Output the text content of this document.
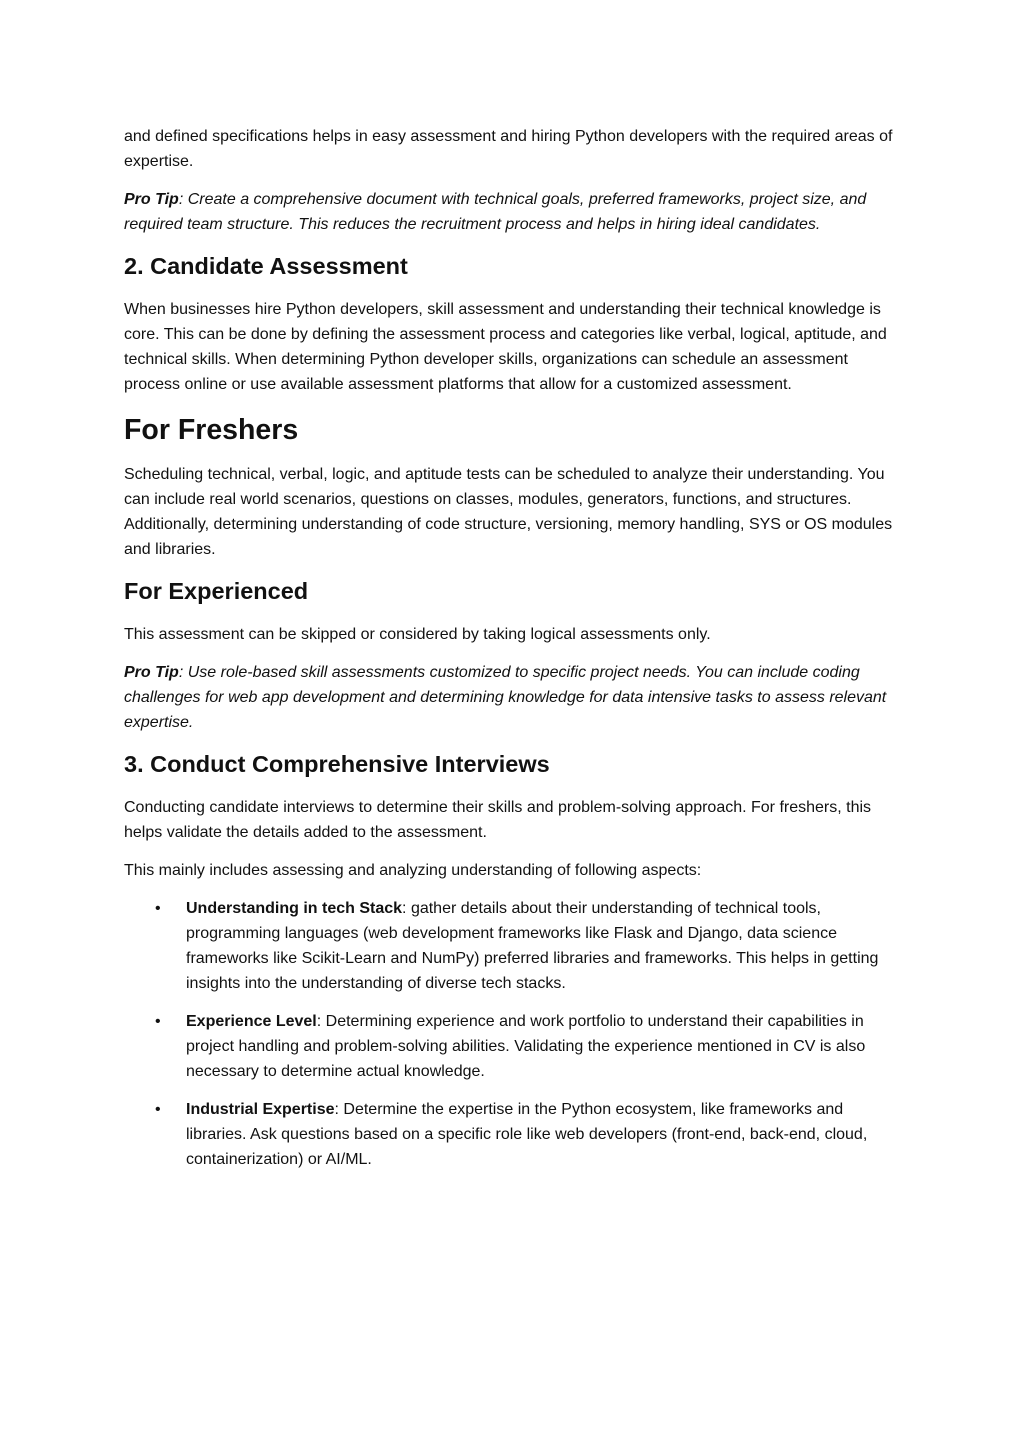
and defined specifications helps in easy assessment and hiring Python developers with the required areas of expertise.

Pro Tip: Create a comprehensive document with technical goals, preferred frameworks, project size, and required team structure. This reduces the recruitment process and helps in hiring ideal candidates.

2. Candidate Assessment

When businesses hire Python developers, skill assessment and understanding their technical knowledge is core. This can be done by defining the assessment process and categories like verbal, logical, aptitude, and technical skills. When determining Python developer skills, organizations can schedule an assessment process online or use available assessment platforms that allow for a customized assessment.

For Freshers

Scheduling technical, verbal, logic, and aptitude tests can be scheduled to analyze their understanding. You can include real world scenarios, questions on classes, modules, generators, functions, and structures. Additionally, determining understanding of code structure, versioning, memory handling, SYS or OS modules and libraries.

For Experienced

This assessment can be skipped or considered by taking logical assessments only.

Pro Tip: Use role-based skill assessments customized to specific project needs. You can include coding challenges for web app development and determining knowledge for data intensive tasks to assess relevant expertise.

3. Conduct Comprehensive Interviews

Conducting candidate interviews to determine their skills and problem-solving approach. For freshers, this helps validate the details added to the assessment.

This mainly includes assessing and analyzing understanding of following aspects:

• Understanding in tech Stack: gather details about their understanding of technical tools, programming languages (web development frameworks like Flask and Django, data science frameworks like Scikit-Learn and NumPy) preferred libraries and frameworks. This helps in getting insights into the understanding of diverse tech stacks.
• Experience Level: Determining experience and work portfolio to understand their capabilities in project handling and problem-solving abilities. Validating the experience mentioned in CV is also necessary to determine actual knowledge.
• Industrial Expertise: Determine the expertise in the Python ecosystem, like frameworks and libraries. Ask questions based on a specific role like web developers (front-end, back-end, cloud, containerization) or AI/ML.
